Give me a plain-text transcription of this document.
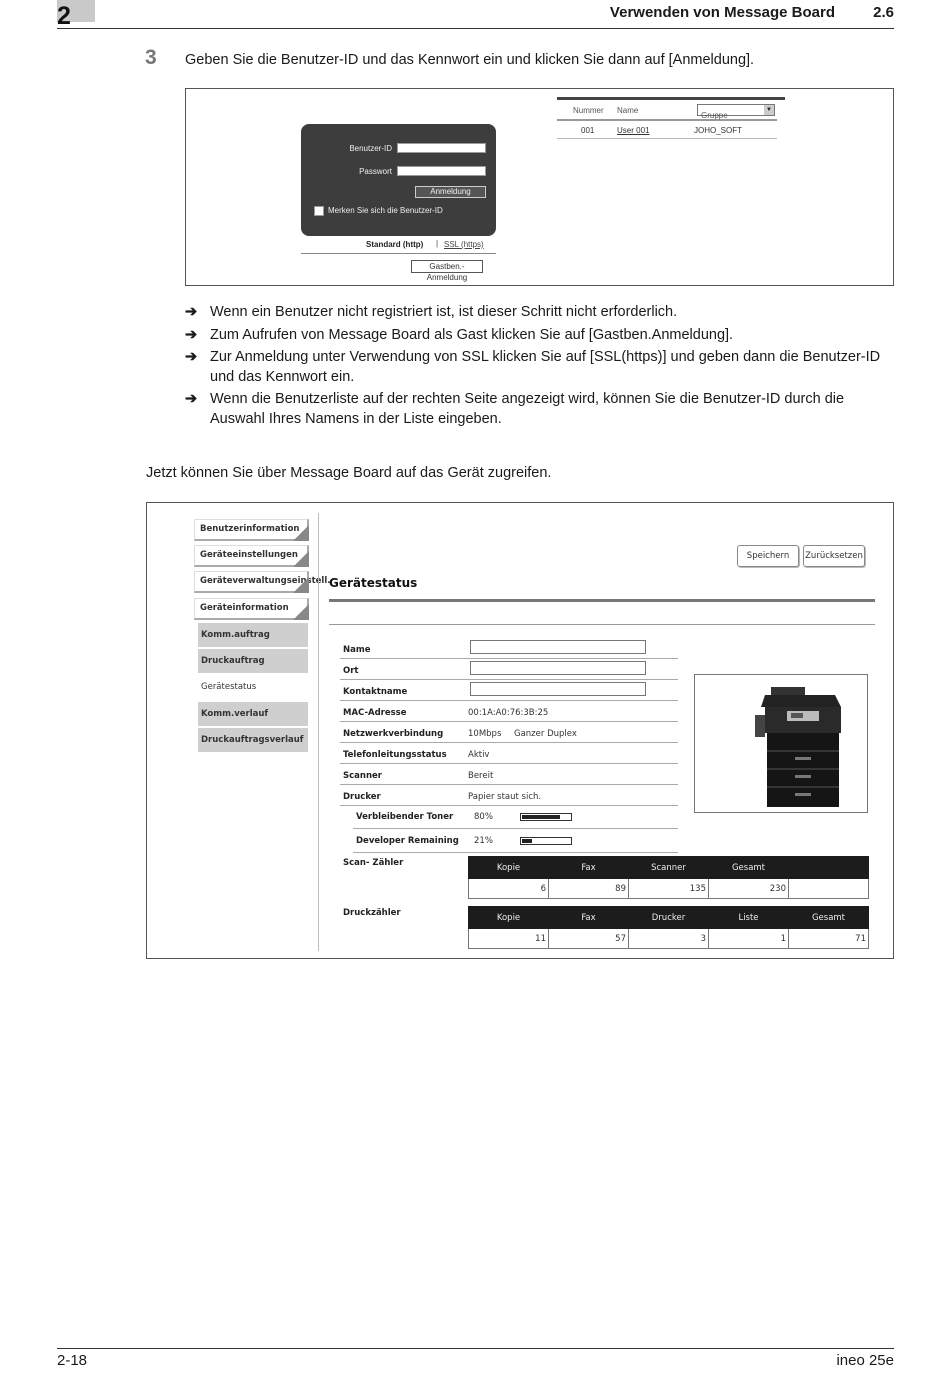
2	Verwenden von Message Board	2.6
3 Geben Sie die Benutzer-ID und das Kennwort ein und klicken Sie dann auf [Anmeldung].
Benutzer-ID
Passwort
Anmeldung
Merken Sie sich die Benutzer-ID
Standard (http) | SSL (https)
Gastben.-Anmeldung
Nummer Name
Gruppe
▼
001	User 001	JOHO_SOFT
➔ Wenn ein Benutzer nicht registriert ist, ist dieser Schritt nicht erforderlich.
➔ Zum Aufrufen von Message Board als Gast klicken Sie auf [Gastben.Anmeldung].
➔ Zur Anmeldung unter Verwendung von SSL klicken Sie auf [SSL(https)] und geben dann die Benutzer-ID und das Kennwort ein.
➔ Wenn die Benutzerliste auf der rechten Seite angezeigt wird, können Sie die Benutzer-ID durch die Auswahl Ihres Namens in der Liste eingeben.
Jetzt können Sie über Message Board auf das Gerät zugreifen.
Benutzerinformation
Geräteeinstellungen
Geräteverwaltungseinstell.
Geräteinformation
Komm.auftrag
Druckauftrag
Gerätestatus
Komm.verlauf
Druckauftragsverlauf
Speichern	Zurücksetzen
Gerätestatus
Name
Ort
Kontaktname
MAC-Adresse	00:1A:A0:76:3B:25
Netzwerkverbindung	10Mbps Ganzer Duplex
Telefonleitungsstatus	Aktiv
Scanner	Bereit
Drucker	Papier staut sich.
Verbleibender Toner 80%
Developer Remaining 21%
Scan- Zähler	Kopie	Fax	Scanner	Gesamt	
6	89	135	230	
Druckzähler	Kopie	Fax	Drucker	Liste	Gesamt
11	57	3	1	71
2-18	ineo 25e
